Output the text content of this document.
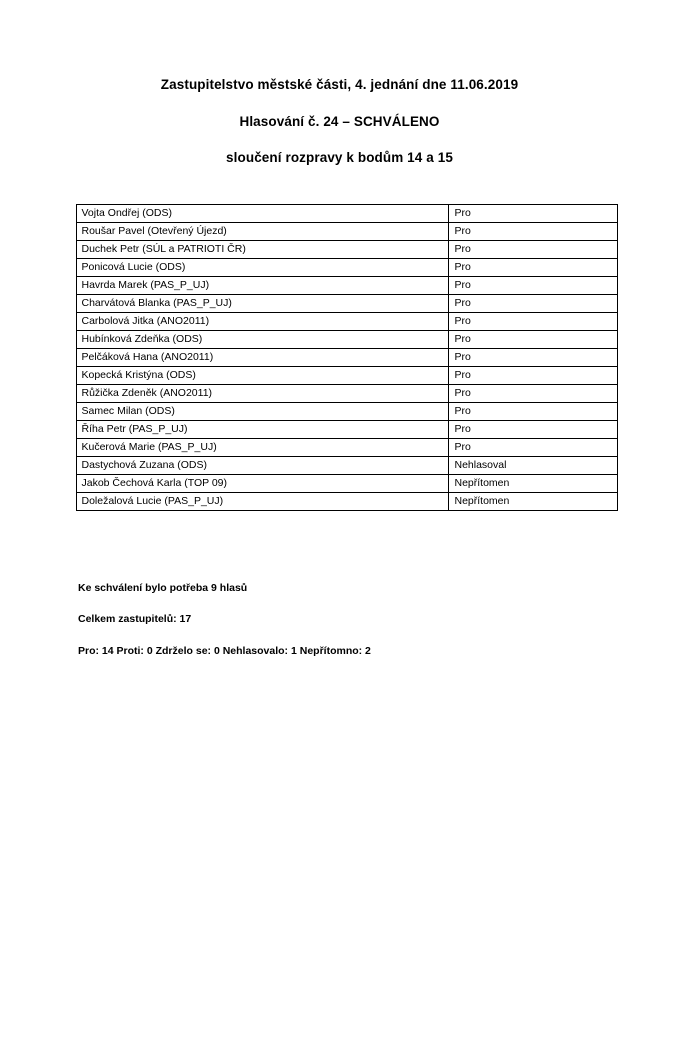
Zastupitelstvo městské části, 4. jednání dne 11.06.2019
Hlasování č. 24 – SCHVÁLENO
sloučení rozpravy k bodům 14 a 15
Vojta Ondřej (ODS)	Pro
Roušar Pavel (Otevřený Újezd)	Pro
Duchek Petr (SÚL a PATRIOTI ČR)	Pro
Ponicová Lucie (ODS)	Pro
Havrda Marek (PAS_P_UJ)	Pro
Charvátová Blanka (PAS_P_UJ)	Pro
Carbolová Jitka (ANO2011)	Pro
Hubínková Zdeňka (ODS)	Pro
Pelčáková Hana (ANO2011)	Pro
Kopecká Kristýna (ODS)	Pro
Růžička Zdeněk (ANO2011)	Pro
Samec Milan (ODS)	Pro
Říha Petr (PAS_P_UJ)	Pro
Kučerová Marie (PAS_P_UJ)	Pro
Dastychová Zuzana (ODS)	Nehlasoval
Jakob Čechová Karla (TOP 09)	Nepřítomen
Doležalová Lucie (PAS_P_UJ)	Nepřítomen
Ke schválení bylo potřeba 9 hlasů
Celkem zastupitelů: 17
Pro: 14 Proti: 0 Zdrželo se: 0 Nehlasovalo: 1 Nepřítomno: 2
